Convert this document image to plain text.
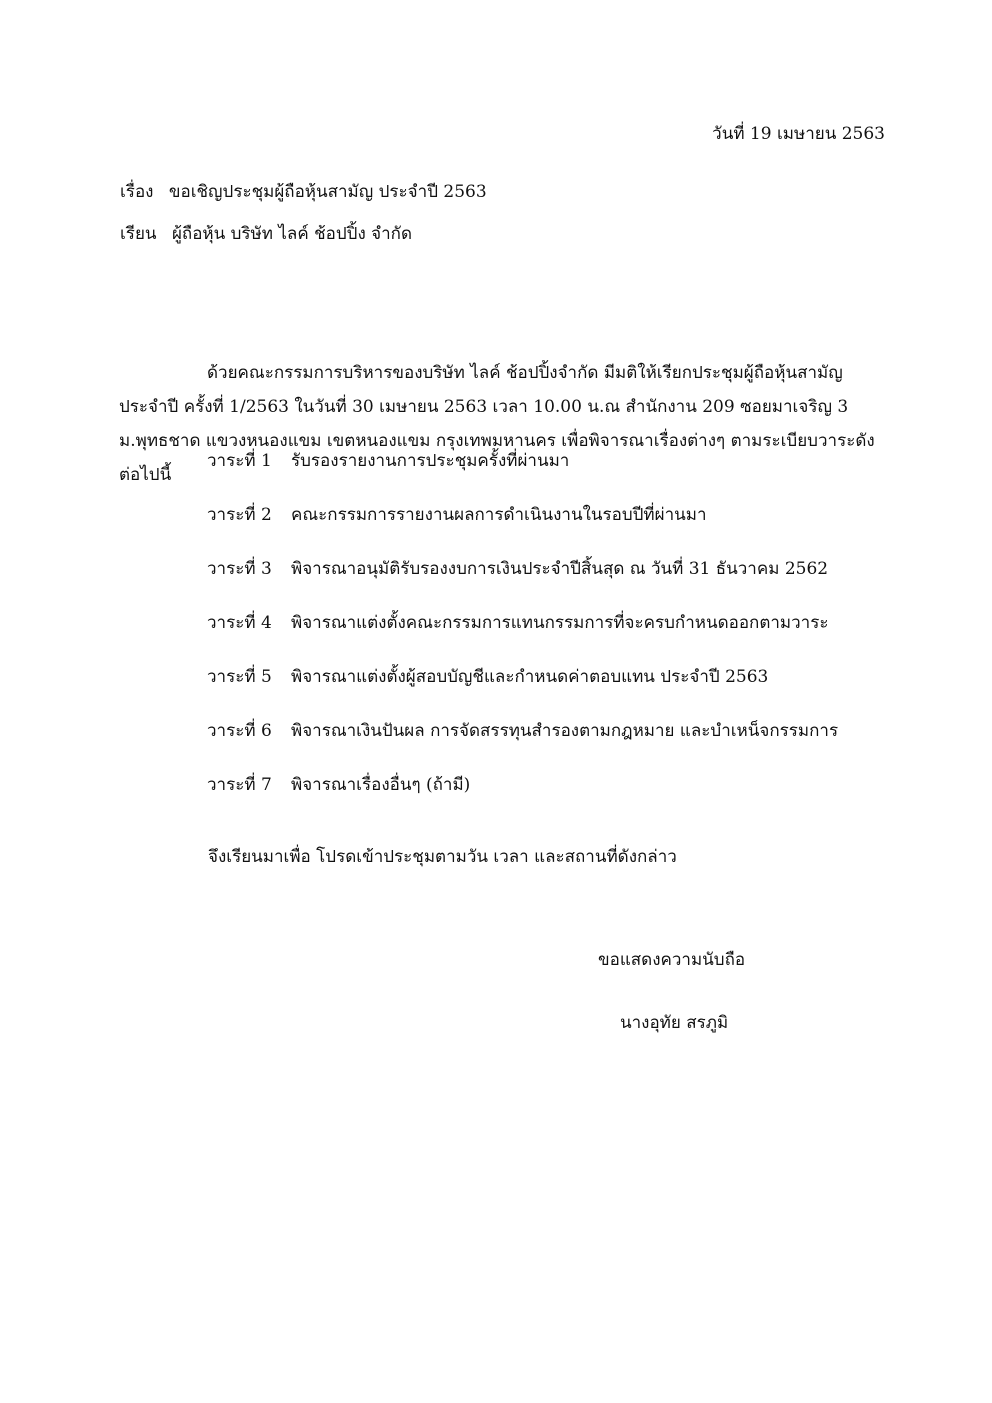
วันที่ 19 เมษายน 2563
เรื่อง ขอเชิญประชุมผู้ถือหุ้นสามัญ ประจำปี 2563
เรียน ผู้ถือหุ้น บริษัท ไลค์ ช้อปปิ้ง จำกัด

ด้วยคณะกรรมการบริหารของบริษัท ไลค์ ช้อปปิ้งจำกัด มีมติให้เรียกประชุมผู้ถือหุ้นสามัญ ประจำปี ครั้งที่ 1/2563 ในวันที่ 30 เมษายน 2563 เวลา 10.00 น.ณ สำนักงาน 209 ซอยมาเจริญ 3 ม.พุทธชาด แขวงหนองแขม เขตหนองแขม กรุงเทพมหานคร เพื่อพิจารณาเรื่องต่างๆ ตามระเบียบวาระดังต่อไปนี้

วาระที่ 1	รับรองรายงานการประชุมครั้งที่ผ่านมา
วาระที่ 2	คณะกรรมการรายงานผลการดำเนินงานในรอบปีที่ผ่านมา
วาระที่ 3	พิจารณาอนุมัติรับรองงบการเงินประจำปีสิ้นสุด ณ วันที่ 31 ธันวาคม 2562
วาระที่ 4	พิจารณาแต่งตั้งคณะกรรมการแทนกรรมการที่จะครบกำหนดออกตามวาระ
วาระที่ 5	พิจารณาแต่งตั้งผู้สอบบัญชีและกำหนดค่าตอบแทน ประจำปี 2563
วาระที่ 6	พิจารณาเงินปันผล การจัดสรรทุนสำรองตามกฎหมาย และบำเหน็จกรรมการ
วาระที่ 7	พิจารณาเรื่องอื่นๆ (ถ้ามี)
จึงเรียนมาเพื่อ โปรดเข้าประชุมตามวัน เวลา และสถานที่ดังกล่าว
ขอแสดงความนับถือ
นางอุทัย สรภูมิ
